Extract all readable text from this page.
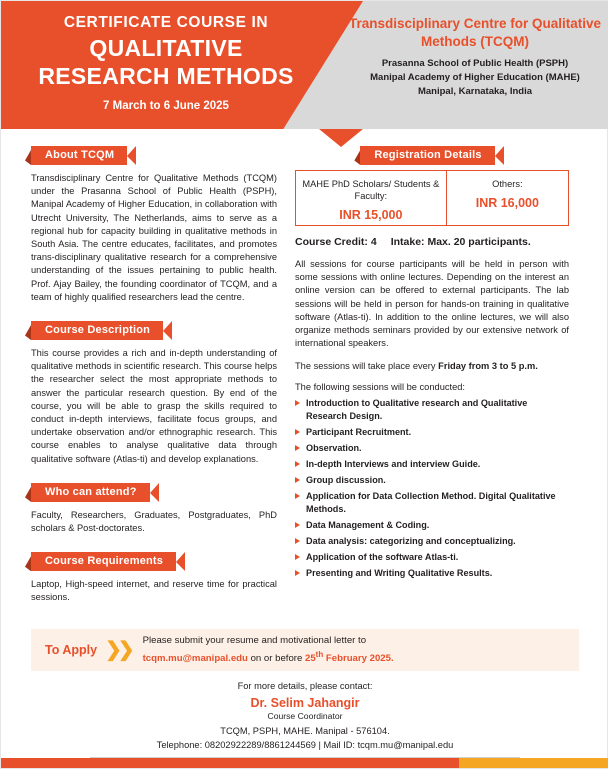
CERTIFICATE COURSE IN
QUALITATIVE
RESEARCH METHODS
7 March to 6 June 2025
Transdisciplinary Centre for Qualitative Methods (TCQM)
Prasanna School of Public Health (PSPH)
Manipal Academy of Higher Education (MAHE)
Manipal, Karnataka, India
About TCQM

Transdisciplinary Centre for Qualitative Methods (TCQM) under the Prasanna School of Public Health (PSPH), Manipal Academy of Higher Education, in collaboration with Utrecht University, The Netherlands, aims to serve as a regional hub for capacity building in qualitative methods in South Asia. The centre educates, facilitates, and promotes trans-disciplinary qualitative research for a comprehensive understanding of the issues pertaining to public health. Prof. Ajay Bailey, the founding coordinator of TCQM, and a team of highly qualified researchers lead the centre.

Course Description

This course provides a rich and in-depth understanding of qualitative methods in scientific research. This course helps the researcher select the most appropriate methods to answer the particular research question. By end of the course, you will be able to grasp the skills required to conduct in-depth interviews, facilitate focus groups, and undertake observation and/or ethnographic research. This course enables to analyse qualitative data through qualitative software (Atlas-ti) and develop explanations.

Who can attend?

Faculty, Researchers, Graduates, Postgraduates, PhD scholars & Post-doctorates.

Course Requirements

Laptop, High-speed internet, and reserve time for practical sessions.

Registration Details
MAHE PhD Scholars/ Students & Faculty:
INR 15,000
Others:
INR 16,000
Course Credit: 4 Intake: Max. 20 participants.

All sessions for course participants will be held in person with some sessions with online lectures. Depending on the interest an online version can be offered to external participants. The lab sessions will be held in person for hands-on training in qualitative software (Atlas-ti). In addition to the online lectures, we will also organize methods seminars provided by our extensive network of international speakers.

The sessions will take place every Friday from 3 to 5 p.m.

The following sessions will be conducted:

Introduction to Qualitative research and Qualitative Research Design.
Participant Recruitment.
Observation.
In-depth Interviews and interview Guide.
Group discussion.
Application for Data Collection Method. Digital Qualitative Methods.
Data Management & Coding.
Data analysis: categorizing and conceptualizing.
Application of the software Atlas-ti.
Presenting and Writing Qualitative Results.
To Apply ❯❯ Please submit your resume and motivational letter to
tcqm.mu@manipal.edu on or before 25th February 2025.
For more details, please contact:
Dr. Selim Jahangir
Course Coordinator
TCQM, PSPH, MAHE. Manipal - 576104.
Telephone: 08202922289/8861244569 | Mail ID: tcqm.mu@manipal.edu
